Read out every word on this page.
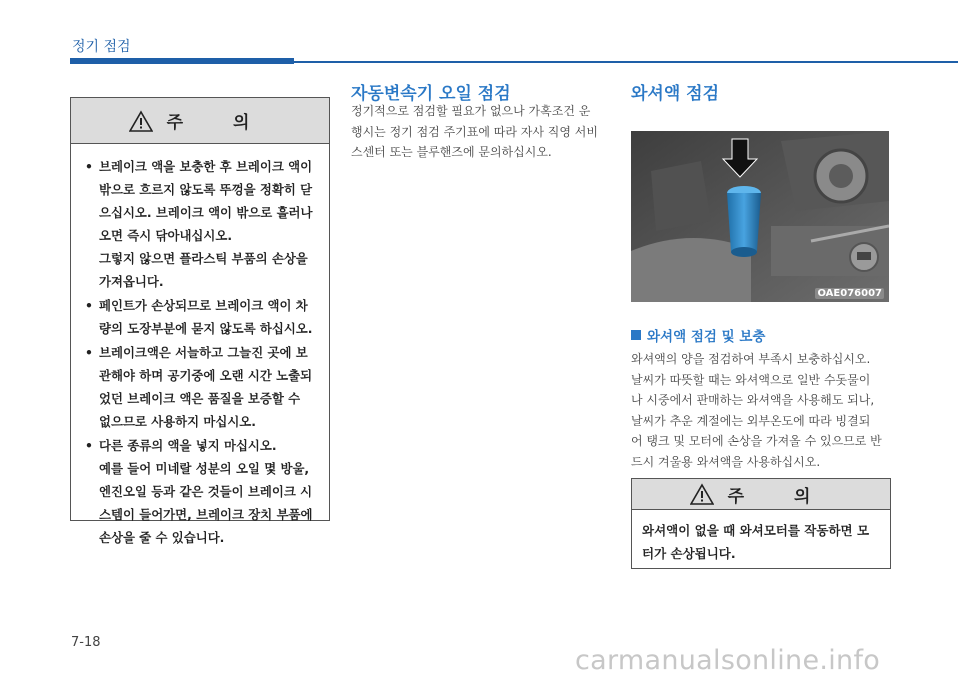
정기 점검
주 의
• 브레이크 액을 보충한 후 브레이크 액이
밖으로 흐르지 않도록 뚜껑을 정확히 닫
으십시오. 브레이크 액이 밖으로 흘러나
오면 즉시 닦아내십시오.
그렇지 않으면 플라스틱 부품의 손상을
가져옵니다.
• 페인트가 손상되므로 브레이크 액이 차
량의 도장부분에 묻지 않도록 하십시오.
• 브레이크액은 서늘하고 그늘진 곳에 보
관해야 하며 공기중에 오랜 시간 노출되
었던 브레이크 액은 품질을 보증할 수
없으므로 사용하지 마십시오.
• 다른 종류의 액을 넣지 마십시오.
예를 들어 미네랄 성분의 오일 몇 방울,
엔진오일 등과 같은 것들이 브레이크 시
스템이 들어가면, 브레이크 장치 부품에
손상을 줄 수 있습니다.
자동변속기 오일 점검
정기적으로 점검할 필요가 없으나 가혹조건 운
행시는 정기 점검 주기표에 따라 자사 직영 서비
스센터 또는 블루핸즈에 문의하십시오.
와셔액 점검
OAE076007
와셔액 점검 및 보충
와셔액의 양을 점검하여 부족시 보충하십시오.
날씨가 따뜻할 때는 와셔액으로 일반 수돗물이
나 시중에서 판매하는 와셔액을 사용해도 되나,
날씨가 추운 계절에는 외부온도에 따라 빙결되
어 탱크 및 모터에 손상을 가져올 수 있으므로 반
드시 겨울용 와셔액을 사용하십시오.
주 의
와셔액이 없을 때 와셔모터를 작동하면 모
터가 손상됩니다.
7-18
carmanualsonline.info
